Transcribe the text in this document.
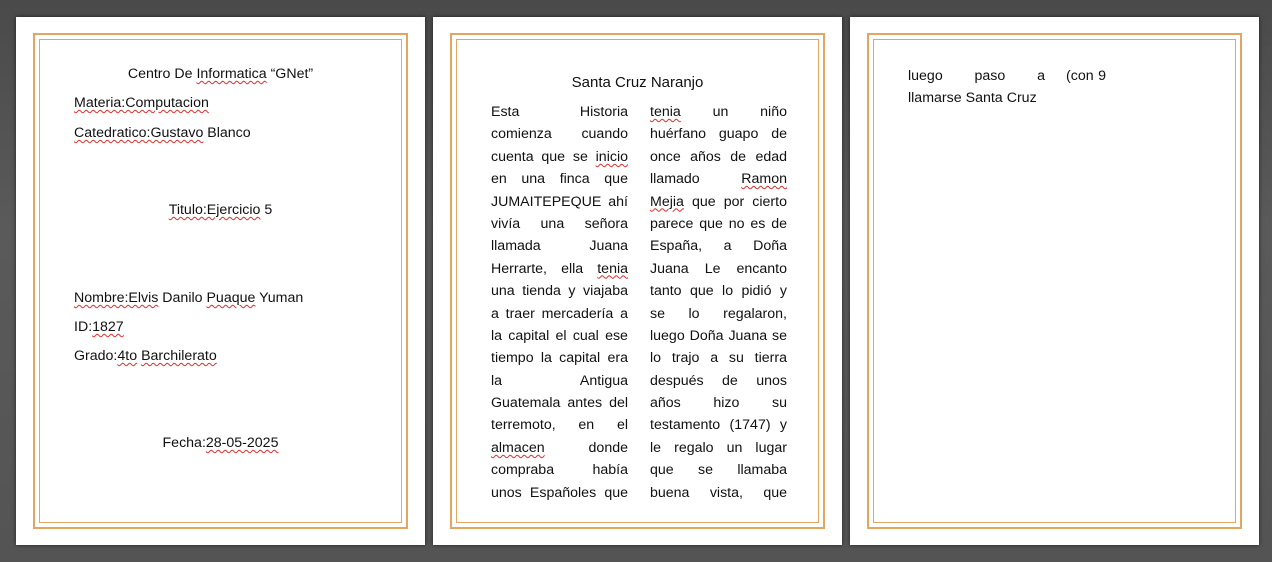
Centro De Informatica “GNet”
Materia:Computacion
Catedratico:Gustavo Blanco
Titulo:Ejercicio 5
Nombre:Elvis Danilo Puaque Yuman
ID:1827
Grado:4to Barchilerato
Fecha:28-05-2025
Santa Cruz Naranjo
Esta	Historia
comienza cuando
cuenta que se inicio
en una finca que
JUMAITEPEQUE ahí
vivía una señora
llamada	Juana
Herrarte, ella tenia
una tienda y viajaba
a traer mercadería a
la capital el cual ese
tiempo la capital era
la	Antigua
Guatemala antes del
terremoto, en el
almacen	donde
compraba	había
unos Españoles que
tenia un niño
huérfano guapo de
once años de edad
llamado	Ramon
Mejia que por cierto
parece que no es de
España, a Doña
Juana Le encanto
tanto que lo pidió y
se lo regalaron,
luego Doña Juana se
lo trajo a su tierra
después de unos
años hizo su
testamento (1747) y
le regalo un lugar
que se llamaba
buena vista, que
luego paso a
llamarse Santa Cruz
(con 9
